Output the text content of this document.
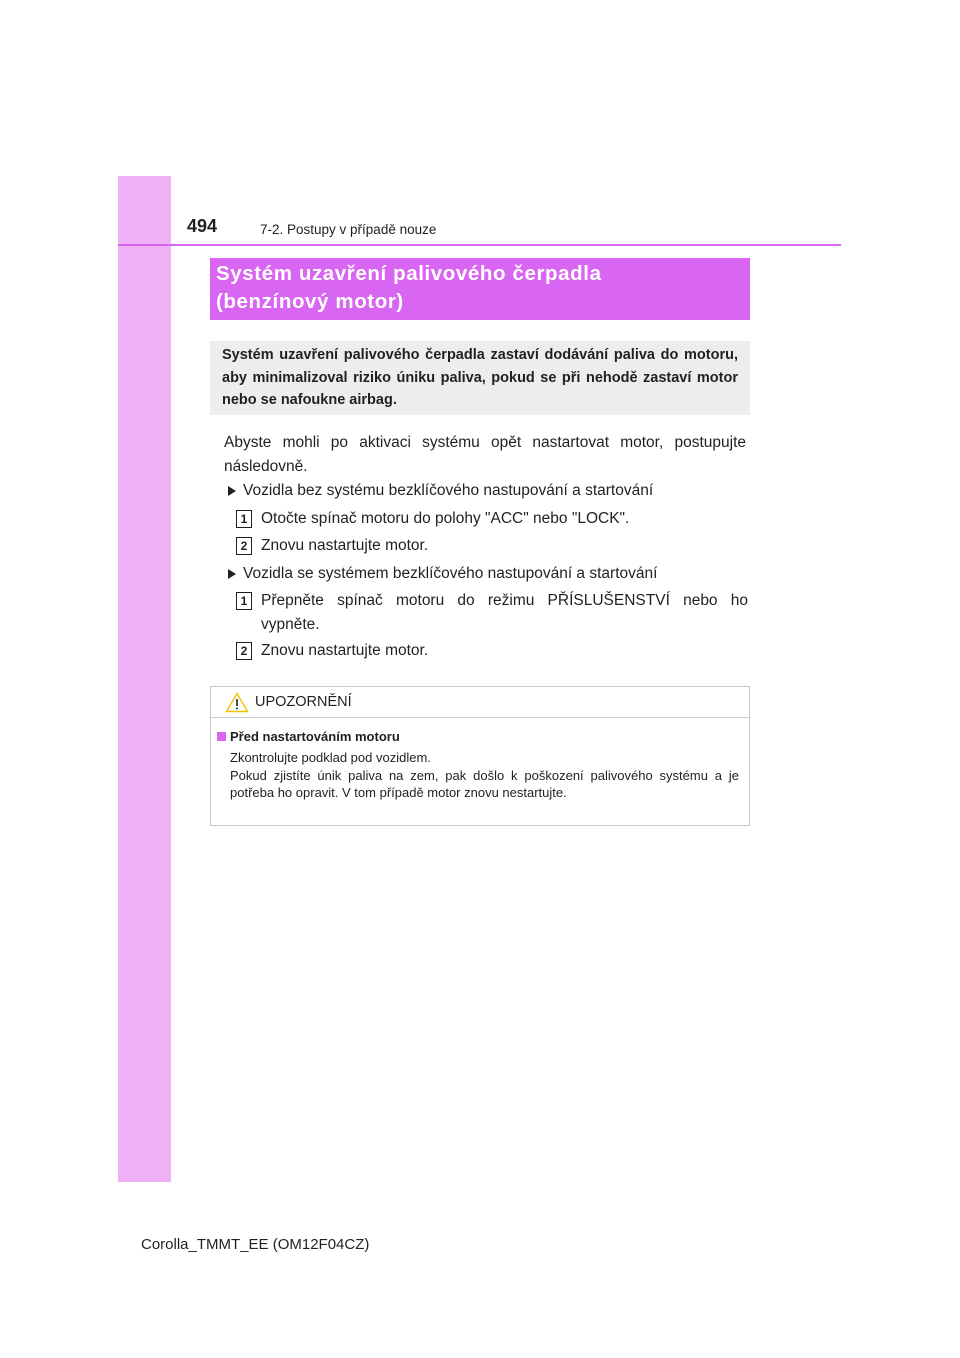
494	7-2. Postupy v případě nouze
Systém uzavření palivového čerpadla
(benzínový motor)
Systém uzavření palivového čerpadla zastaví dodávání paliva do motoru, aby minimalizoval riziko úniku paliva, pokud se při nehodě zastaví motor nebo se nafoukne airbag.
Abyste mohli po aktivaci systému opět nastartovat motor, postupujte následovně.
Vozidla bez systému bezklíčového nastupování a startování
1 Otočte spínač motoru do polohy "ACC" nebo "LOCK".
2 Znovu nastartujte motor.
Vozidla se systémem bezklíčového nastupování a startování
1 Přepněte spínač motoru do režimu PŘÍSLUŠENSTVÍ nebo ho vypněte.
2 Znovu nastartujte motor.
UPOZORNĚNÍ
Před nastartováním motoru
Zkontrolujte podklad pod vozidlem.
Pokud zjistíte únik paliva na zem, pak došlo k poškození palivového systému a je potřeba ho opravit. V tom případě motor znovu nestartujte.
Corolla_TMMT_EE (OM12F04CZ)
